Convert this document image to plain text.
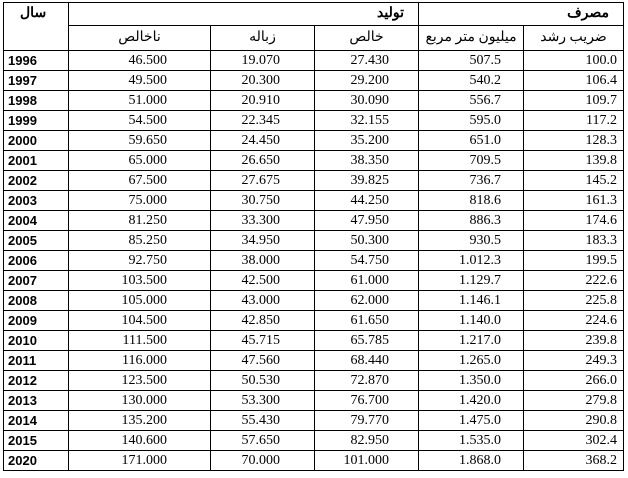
سال	تولید			مصرف	
	ناخالص	زباله	خالص	میلیون متر مربع	ضریب رشد
1996	46.500	19.070	27.430	507.5	100.0
1997	49.500	20.300	29.200	540.2	106.4
1998	51.000	20.910	30.090	556.7	109.7
1999	54.500	22.345	32.155	595.0	117.2
2000	59.650	24.450	35.200	651.0	128.3
2001	65.000	26.650	38.350	709.5	139.8
2002	67.500	27.675	39.825	736.7	145.2
2003	75.000	30.750	44.250	818.6	161.3
2004	81.250	33.300	47.950	886.3	174.6
2005	85.250	34.950	50.300	930.5	183.3
2006	92.750	38.000	54.750	1.012.3	199.5
2007	103.500	42.500	61.000	1.129.7	222.6
2008	105.000	43.000	62.000	1.146.1	225.8
2009	104.500	42.850	61.650	1.140.0	224.6
2010	111.500	45.715	65.785	1.217.0	239.8
2011	116.000	47.560	68.440	1.265.0	249.3
2012	123.500	50.530	72.870	1.350.0	266.0
2013	130.000	53.300	76.700	1.420.0	279.8
2014	135.200	55.430	79.770	1.475.0	290.8
2015	140.600	57.650	82.950	1.535.0	302.4
2020	171.000	70.000	101.000	1.868.0	368.2
